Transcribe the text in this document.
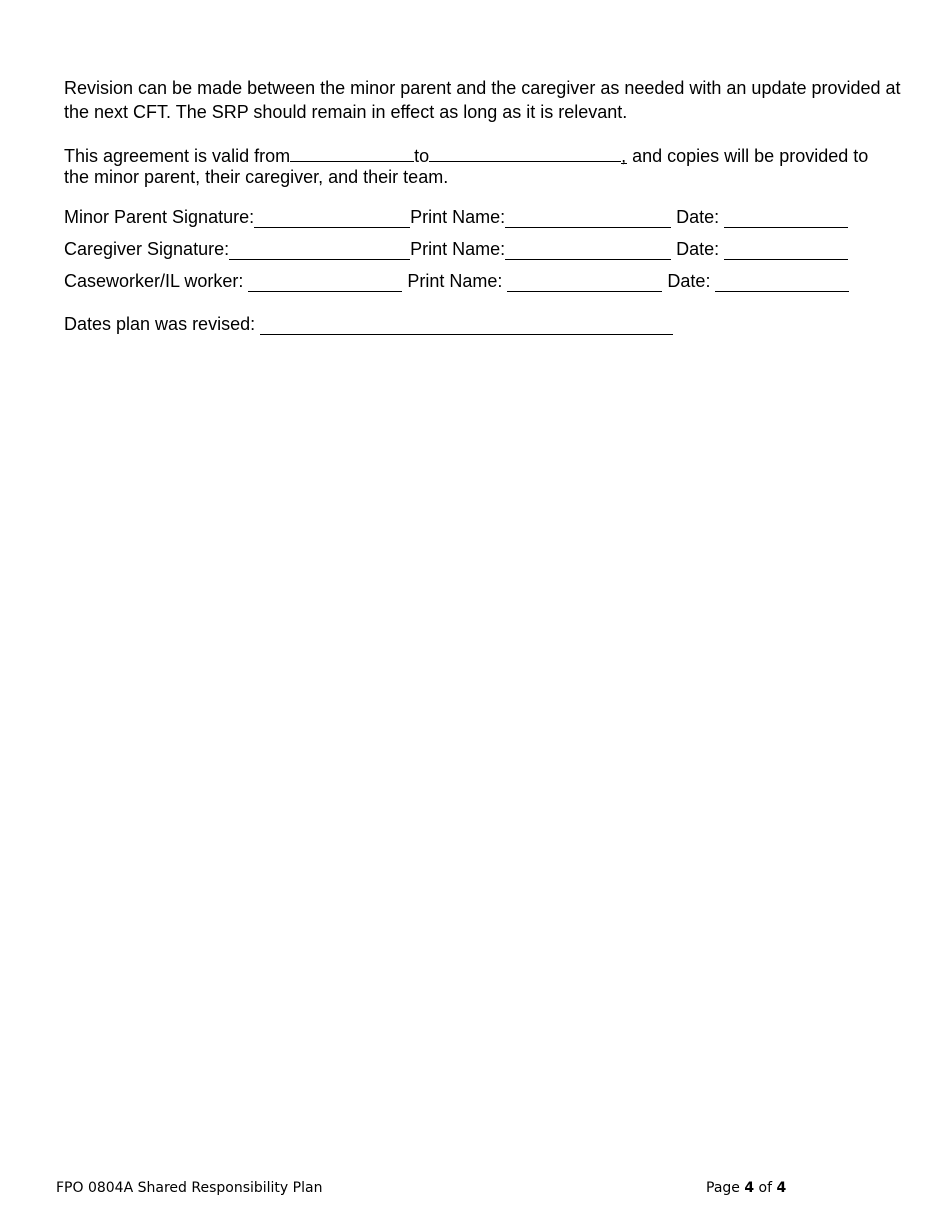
Revision can be made between the minor parent and the caregiver as needed with an update provided at the next CFT. The SRP should remain in effect as long as it is relevant.

This agreement is valid from	to	, and copies will be provided to
the minor parent, their caregiver, and their team.
Minor Parent Signature:	Print Name:	Date:
Caregiver Signature:	Print Name:	Date:
Caseworker/IL worker:	Print Name:	Date:
Dates plan was revised:
FPO 0804A Shared Responsibility Plan	Page 4 of 4
